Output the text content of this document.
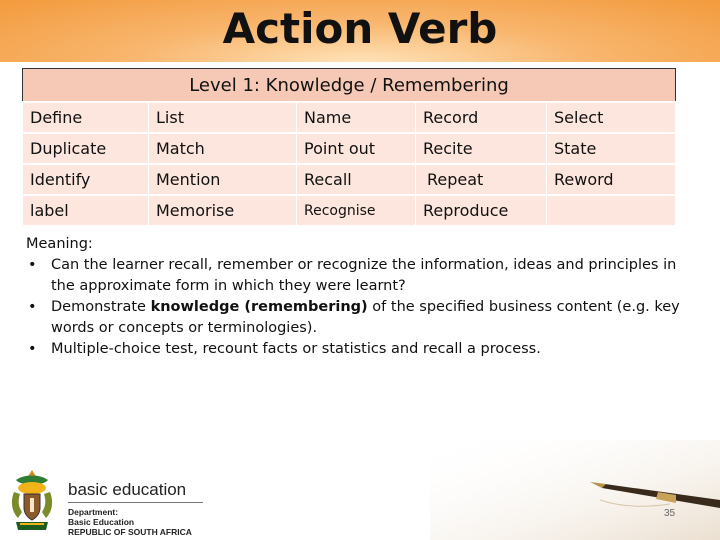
Action Verb
Level 1: Knowledge / Remembering				
Define	List	Name	Record	Select
Duplicate	Match	Point out	Recite	State
Identify	Mention	Recall	Repeat	Reword
label	Memorise	Recognise	Reproduce	
Meaning:
• Can the learner recall, remember or recognize the information, ideas and principles in the approximate form in which they were learnt?
• Demonstrate knowledge (remembering) of the specified business content (e.g. key words or concepts or terminologies).
• Multiple-choice test, recount facts or statistics and recall a process.
basic education
Department:
Basic Education
REPUBLIC OF SOUTH AFRICA
35
